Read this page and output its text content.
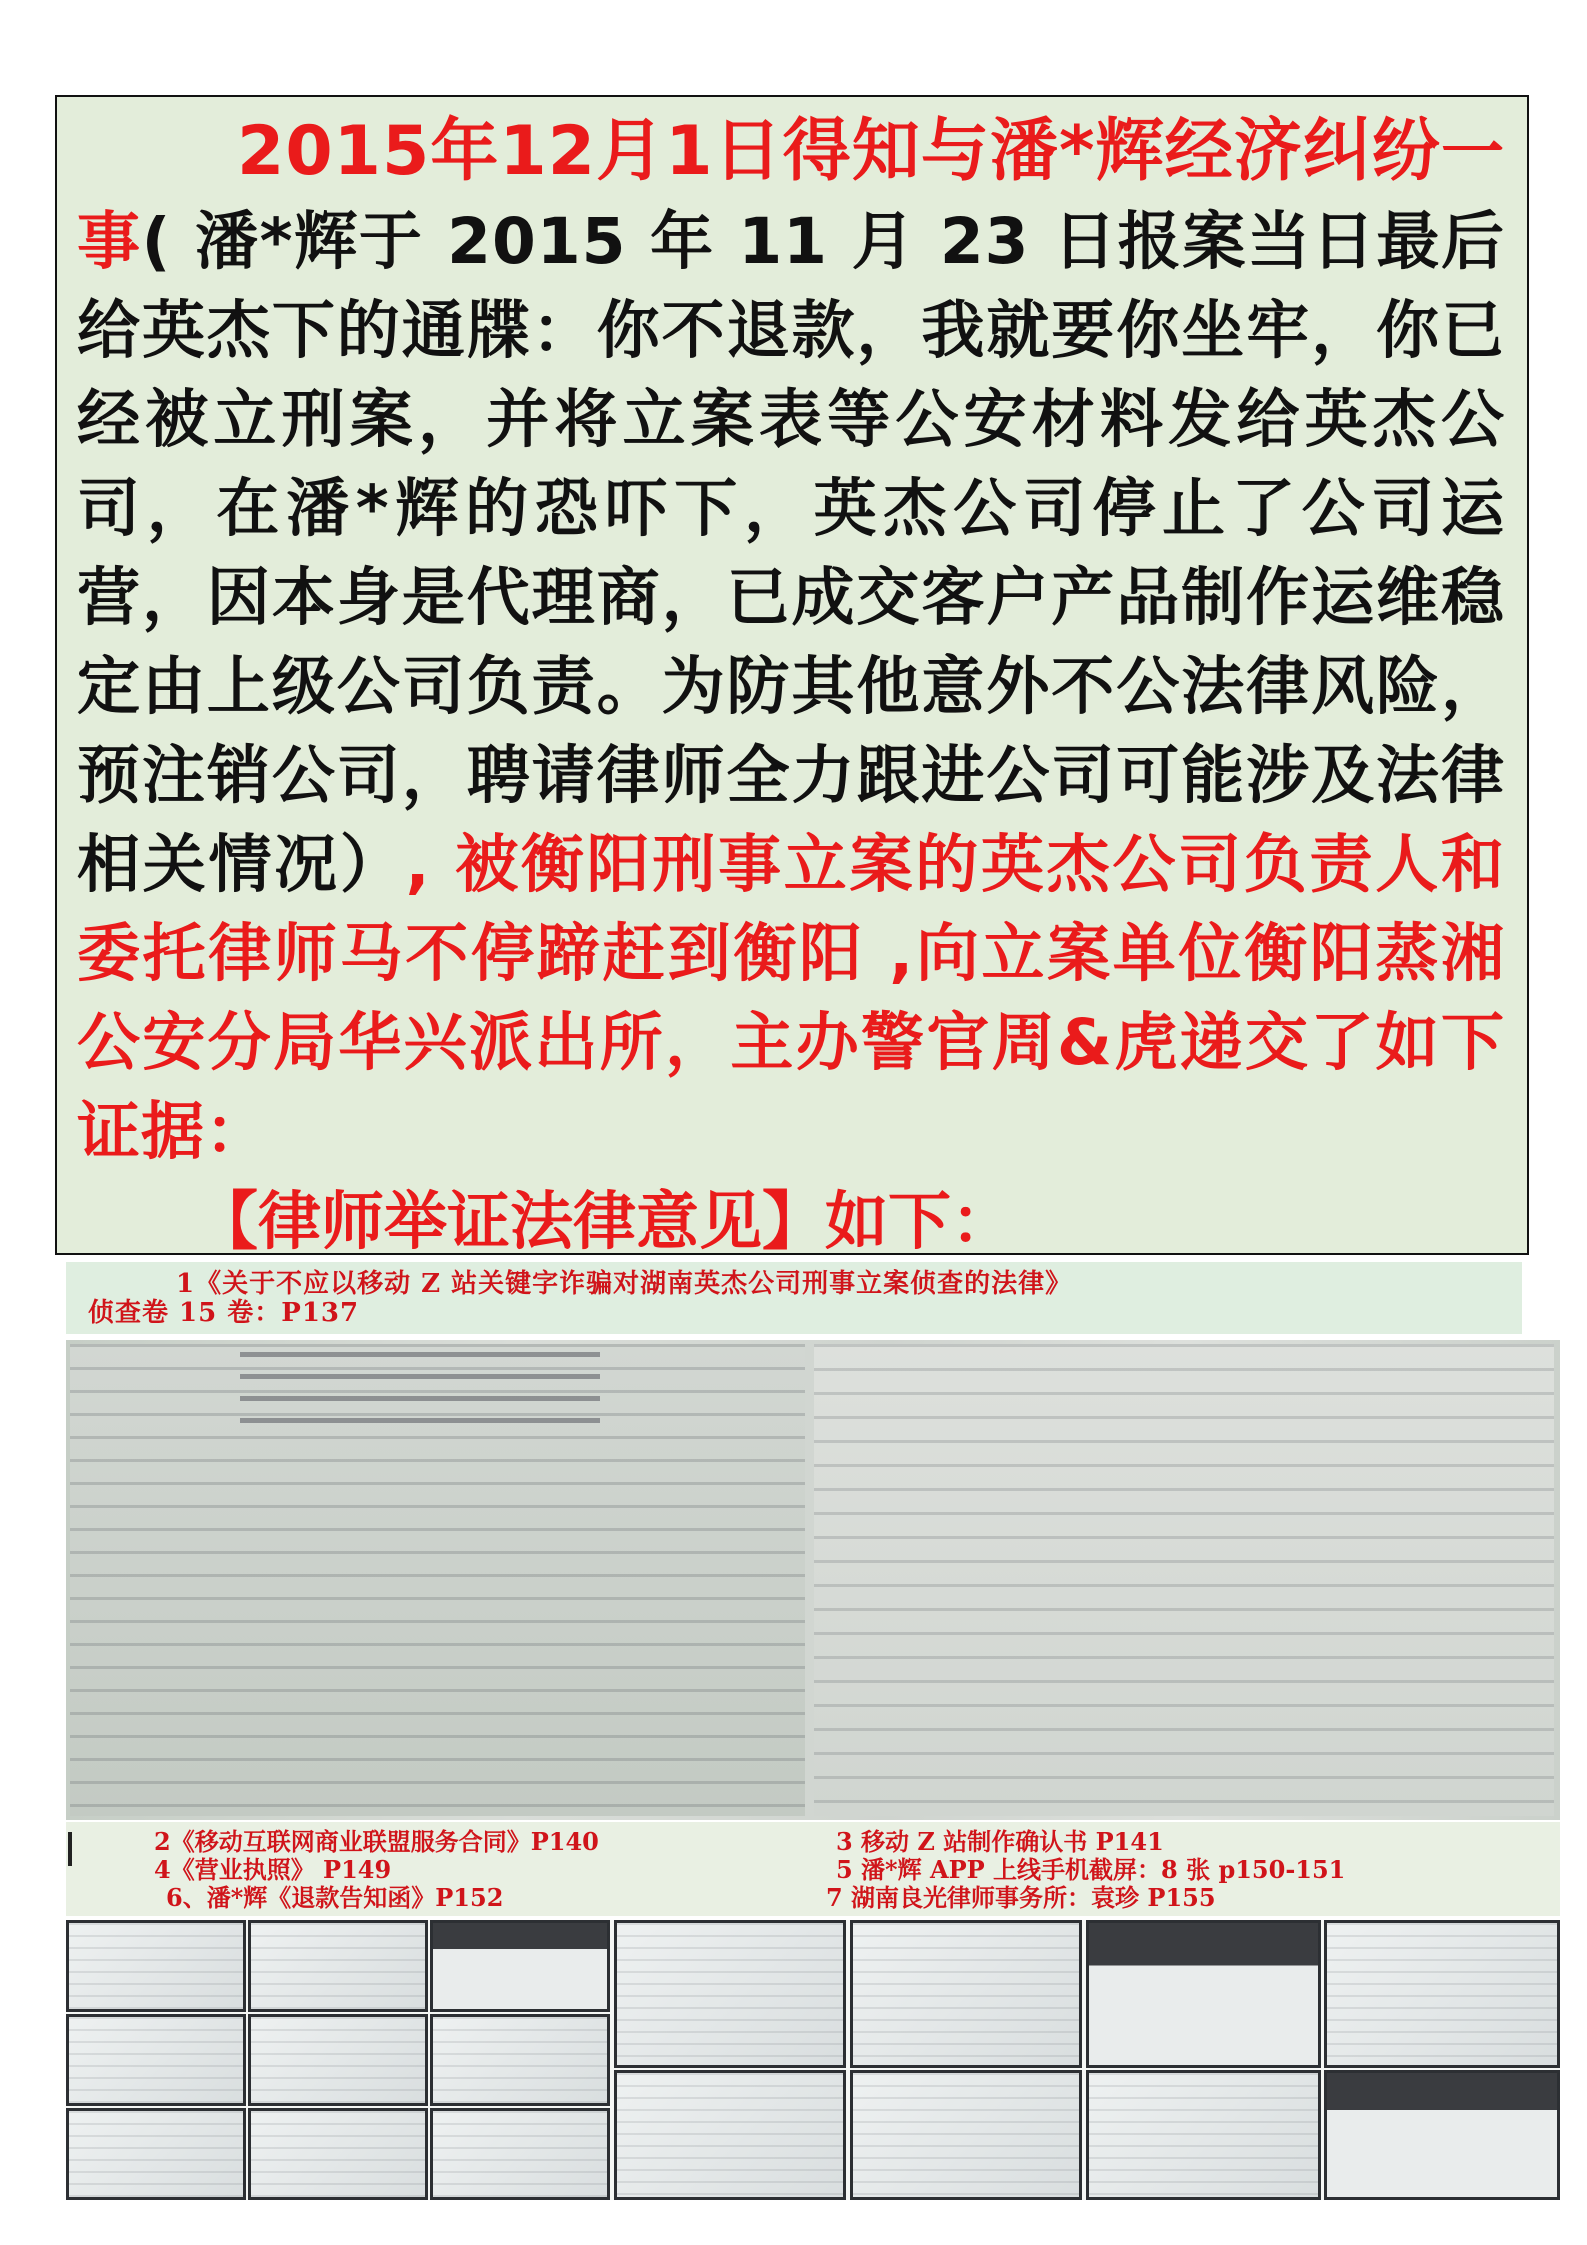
2015年12月1日得知与潘*辉经济纠纷一事( 潘*辉于 2015 年 11 月 23 日报案当日最后给英杰下的通牒：你不退款，我就要你坐牢，你已经被立刑案，并将立案表等公安材料发给英杰公司，在潘*辉的恐吓下，英杰公司停止了公司运营，因本身是代理商，已成交客户产品制作运维稳定由上级公司负责。为防其他意外不公法律风险，预注销公司，聘请律师全力跟进公司可能涉及法律相关情况）, 被衡阳刑事立案的英杰公司负责人和委托律师马不停蹄赶到衡阳 ,向立案单位衡阳蒸湘公安分局华兴派出所，主办警官周&虎递交了如下证据：

【律师举证法律意见】如下：

1《关于不应以移动 Z 站关键字诈骗对湖南英杰公司刑事立案侦查的法律》
侦查卷 15 卷：P137
2《移动互联网商业联盟服务合同》P140	3 移动 Z 站制作确认书 P141
4《营业执照》 P149	5 潘*辉 APP 上线手机截屏：8 张 p150-151
6、潘*辉《退款告知函》P152	7 湖南良光律师事务所：袁珍 P155
